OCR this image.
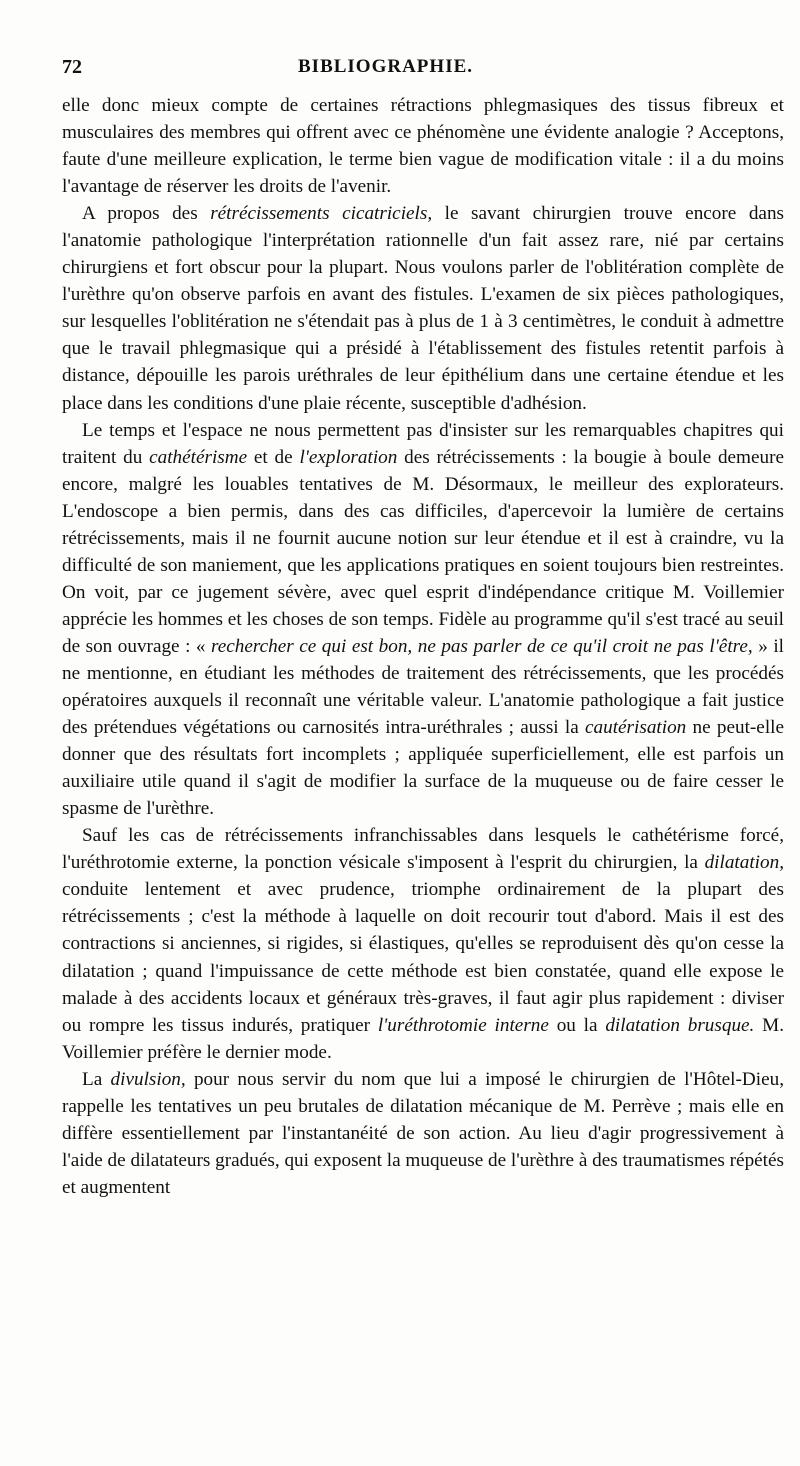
72	BIBLIOGRAPHIE.

elle donc mieux compte de certaines rétractions phlegmasiques des tissus fibreux et musculaires des membres qui offrent avec ce phénomène une évidente analogie ? Acceptons, faute d'une meilleure explication, le terme bien vague de modification vitale : il a du moins l'avantage de réserver les droits de l'avenir.

A propos des rétrécissements cicatriciels, le savant chirurgien trouve encore dans l'anatomie pathologique l'interprétation rationnelle d'un fait assez rare, nié par certains chirurgiens et fort obscur pour la plupart. Nous voulons parler de l'oblitération complète de l'urèthre qu'on observe parfois en avant des fistules. L'examen de six pièces pathologiques, sur lesquelles l'oblitération ne s'étendait pas à plus de 1 à 3 centimètres, le conduit à admettre que le travail phlegmasique qui a présidé à l'établissement des fistules retentit parfois à distance, dépouille les parois uréthrales de leur épithélium dans une certaine étendue et les place dans les conditions d'une plaie récente, susceptible d'adhésion.

Le temps et l'espace ne nous permettent pas d'insister sur les remarquables chapitres qui traitent du cathétérisme et de l'exploration des rétrécissements : la bougie à boule demeure encore, malgré les louables tentatives de M. Désormaux, le meilleur des explorateurs. L'endoscope a bien permis, dans des cas difficiles, d'apercevoir la lumière de certains rétrécissements, mais il ne fournit aucune notion sur leur étendue et il est à craindre, vu la difficulté de son maniement, que les applications pratiques en soient toujours bien restreintes. On voit, par ce jugement sévère, avec quel esprit d'indépendance critique M. Voillemier apprécie les hommes et les choses de son temps. Fidèle au programme qu'il s'est tracé au seuil de son ouvrage : « rechercher ce qui est bon, ne pas parler de ce qu'il croit ne pas l'être, » il ne mentionne, en étudiant les méthodes de traitement des rétrécissements, que les procédés opératoires auxquels il reconnaît une véritable valeur. L'anatomie pathologique a fait justice des prétendues végétations ou carnosités intra-uréthrales ; aussi la cautérisation ne peut-elle donner que des résultats fort incomplets ; appliquée superficiellement, elle est parfois un auxiliaire utile quand il s'agit de modifier la surface de la muqueuse ou de faire cesser le spasme de l'urèthre.

Sauf les cas de rétrécissements infranchissables dans lesquels le cathétérisme forcé, l'uréthrotomie externe, la ponction vésicale s'imposent à l'esprit du chirurgien, la dilatation, conduite lentement et avec prudence, triomphe ordinairement de la plupart des rétrécissements ; c'est la méthode à laquelle on doit recourir tout d'abord. Mais il est des contractions si anciennes, si rigides, si élastiques, qu'elles se reproduisent dès qu'on cesse la dilatation ; quand l'impuissance de cette méthode est bien constatée, quand elle expose le malade à des accidents locaux et généraux très-graves, il faut agir plus rapidement : diviser ou rompre les tissus indurés, pratiquer l'uréthrotomie interne ou la dilatation brusque. M. Voillemier préfère le dernier mode.

La divulsion, pour nous servir du nom que lui a imposé le chirurgien de l'Hôtel-Dieu, rappelle les tentatives un peu brutales de dilatation mécanique de M. Perrève ; mais elle en diffère essentiellement par l'instantanéité de son action. Au lieu d'agir progressivement à l'aide de dilatateurs gradués, qui exposent la muqueuse de l'urèthre à des traumatismes répétés et augmentent
